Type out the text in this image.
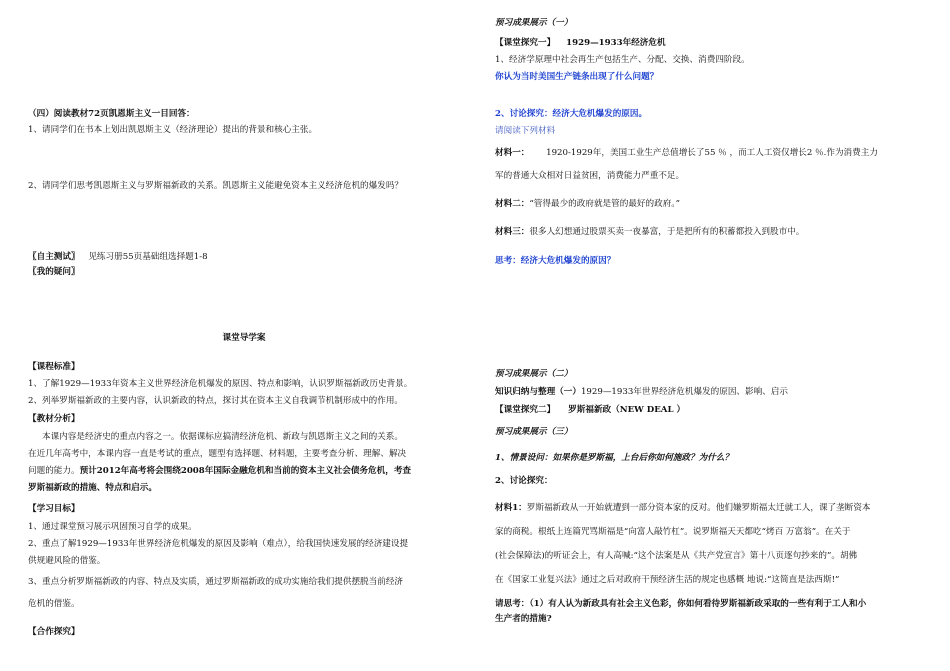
（四）阅读教材72页凯恩斯主义一目回答：
1、请同学们在书本上划出凯恩斯主义（经济理论）提出的背景和核心主张。
2、请同学们思考凯恩斯主义与罗斯福新政的关系。凯恩斯主义能避免资本主义经济危机的爆发吗？
〖自主测试〗 见练习册55页基础组选择题1-8
〖我的疑问〗
课堂导学案
【课程标准】
1、了解1929—1933年资本主义世界经济危机爆发的原因、特点和影响，认识罗斯福新政历史背景。
2、列举罗斯福新政的主要内容，认识新政的特点，探讨其在资本主义自我调节机制形成中的作用。
【教材分析】
本课内容是经济史的重点内容之一。依据课标应搞清经济危机、新政与凯恩斯主义之间的关系。
在近几年高考中，本课内容一直是考试的重点，题型有选择题、材料题，主要考查分析、理解、解决
问题的能力。预计2012年高考将会围绕2008年国际金融危机和当前的资本主义社会债务危机，考查
罗斯福新政的措施、特点和启示。
【学习目标】
1、通过课堂预习展示巩固预习自学的成果。
2、重点了解1929—1933年世界经济危机爆发的原因及影响（难点），给我国快速发展的经济建设提
供规避风险的借鉴。
3、重点分析罗斯福新政的内容、特点及实质，通过罗斯福新政的成功实施给我们提供摆脱当前经济
危机的借鉴。
【合作探究】
预习成果展示（一）
【课堂探究一】 1929—1933年经济危机
1、经济学原理中社会再生产包括生产、分配、交换、消费四阶段。
你认为当时美国生产链条出现了什么问题？
2、讨论探究：经济大危机爆发的原因。
请阅读下列材料
材料一： 1920-1929年，美国工业生产总值增长了55 ％ ，而工人工资仅增长2 ％.作为消费主力
军的普通大众相对日益贫困，消费能力严重不足。
材料二：“管得最少的政府就是管的最好的政府。”
材料三：很多人幻想通过股票买卖一夜暴富，于是把所有的积蓄都投入到股市中。
思考：经济大危机爆发的原因？
预习成果展示（二）
知识归纳与整理（一）1929—1933年世界经济危机爆发的原因、影响、启示
【课堂探究二】 罗斯福新政（NEW DEAL ）
预习成果展示（三）
1、情景设问：如果你是罗斯福，上台后你如何施政？为什么？
2、讨论探究：
材料1：罗斯福新政从一开始就遭到一部分资本家的反对。他们嫌罗斯福太迁就工人，课了垄断资本
家的商税。根纸上连篇咒骂斯福是“向富人敲竹杠”。说罗斯福天天都吃“烤百 万富翁”。在关于
(社会保障法)的听证会上，有人高喊:“这个法案是从《共产党宣言》第十八页逐句抄来的”。胡佛
在《国家工业复兴法》通过之后对政府干预经济生活的规定也感概 地说:“这简直是法西斯!”
请思考：（1）有人认为新政具有社会主义色彩，你如何看待罗斯福新政采取的一些有利于工人和小
生产者的措施?
